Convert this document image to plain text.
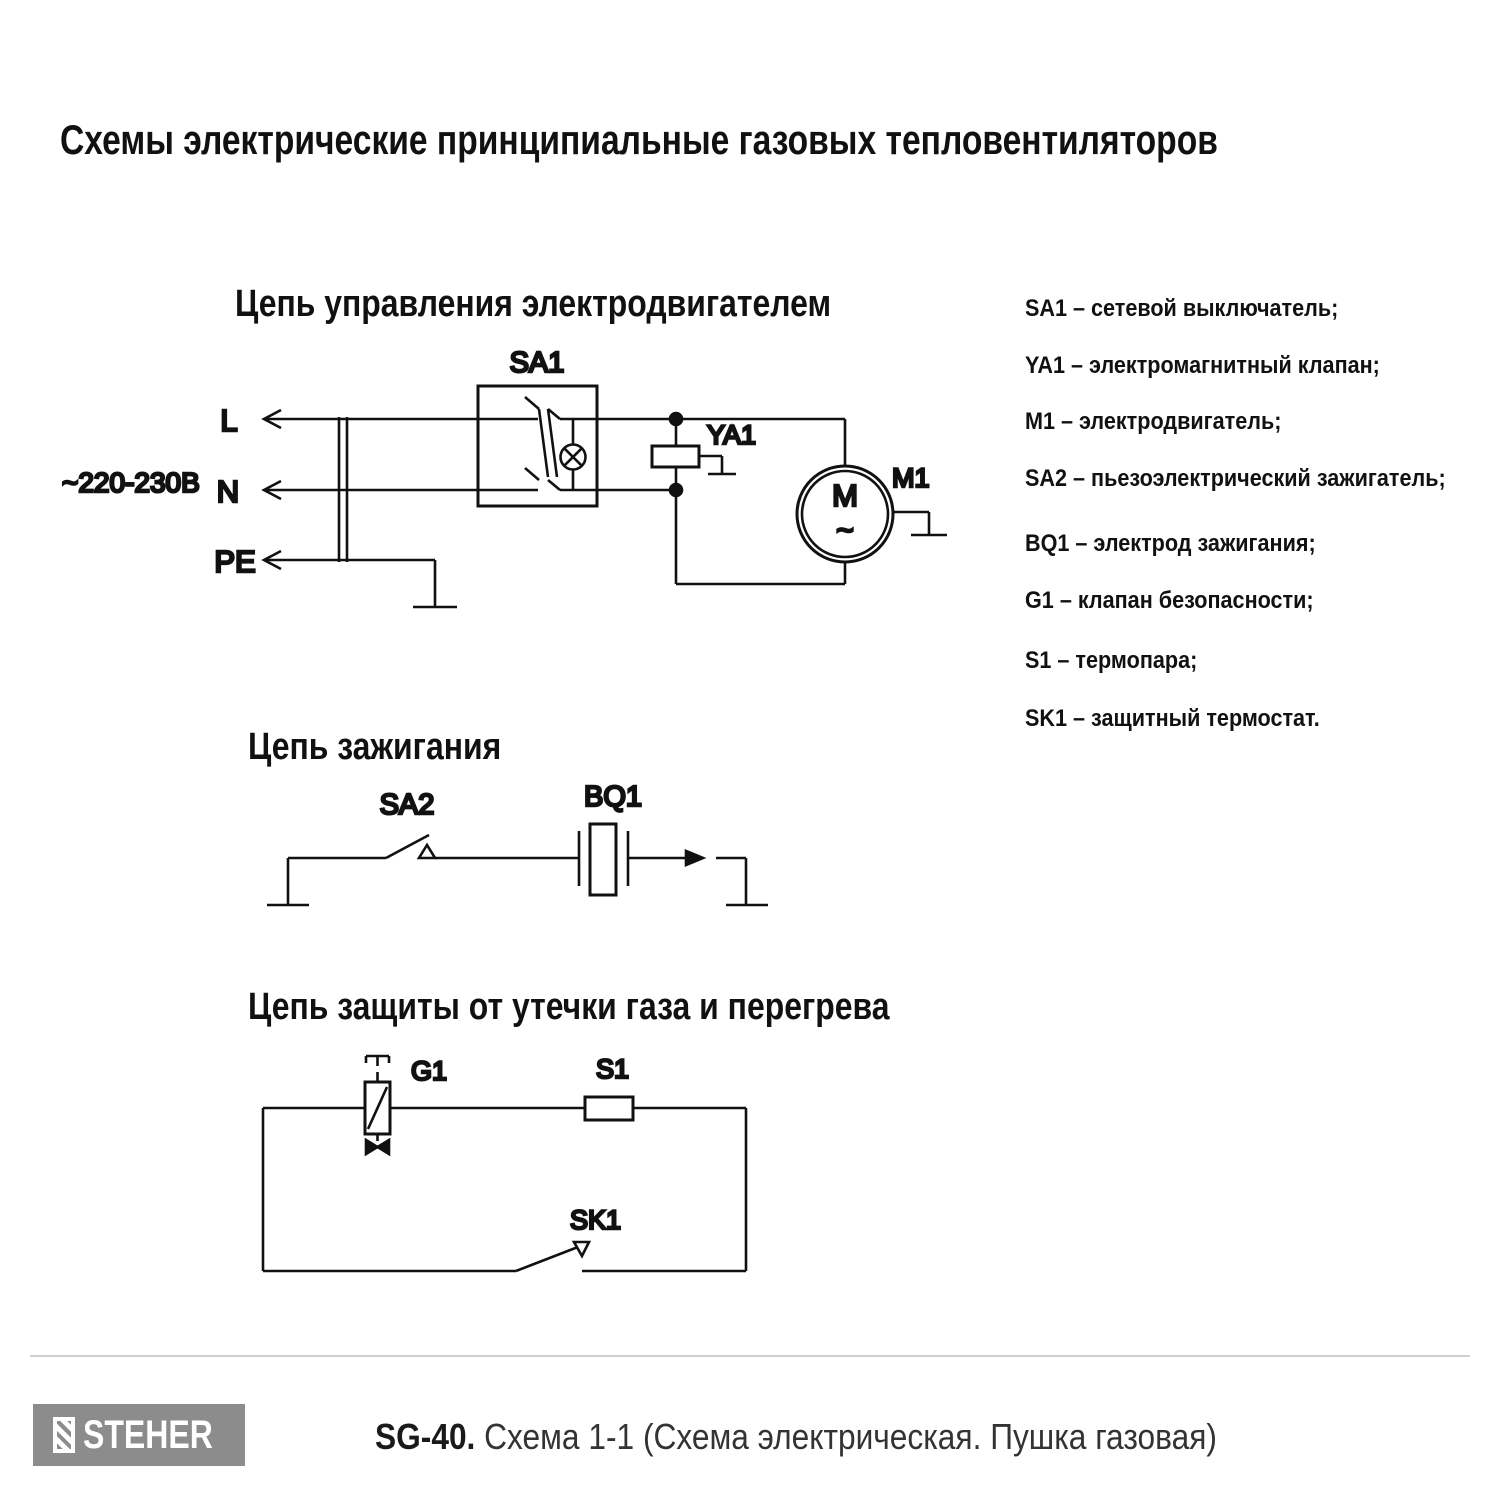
Схемы электрические принципиальные газовых тепловентиляторов
Цепь управления электродвигателем
Цепь зажигания
Цепь защиты от утечки газа и перегрева
SA1 – сетевой выключатель;
YA1 – электромагнитный клапан;
M1 – электродвигатель;
SA2 – пьезоэлектрический зажигатель;
BQ1 – электрод зажигания;
G1 – клапан безопасности;
S1 – термопара;
SK1 – защитный термостат.
L
N
PE
~220-230В
SA1
YA1
M
~
M1
SA2	BQ1
G1	S1
SK1
STEHER	SG-40. Схема 1-1 (Схема электрическая. Пушка газовая)
